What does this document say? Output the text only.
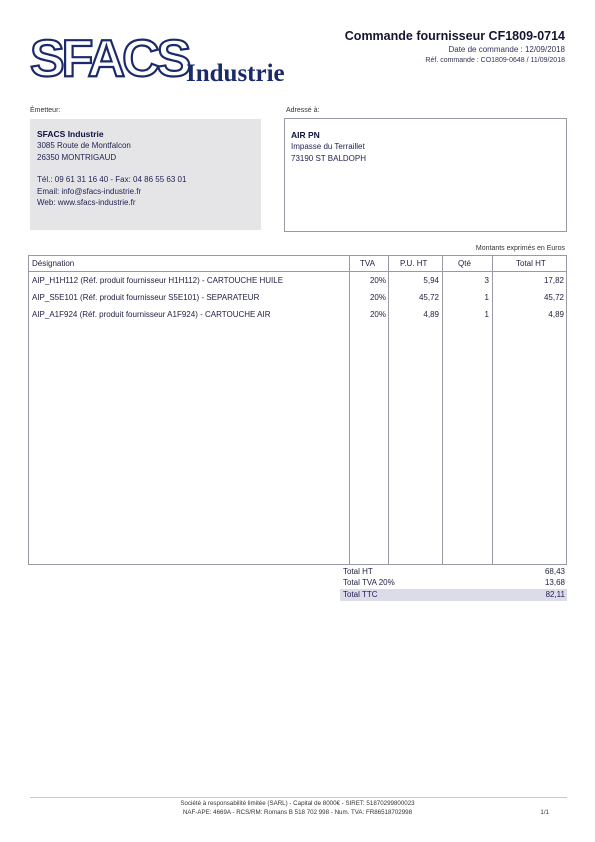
SFACS
Industrie
Commande fournisseur CF1809-0714
Date de commande : 12/09/2018
Réf. commande : CO1809-0648 / 11/09/2018
Émetteur:
SFACS Industrie
3085 Route de Montfalcon
26350 MONTRIGAUD
Tél.: 09 61 31 16 40 - Fax: 04 86 55 63 01
Email: info@sfacs-industrie.fr
Web: www.sfacs-industrie.fr
Adressé à:
AIR PN
Impasse du Terraillet
73190 ST BALDOPH
Montants exprimés en Euros
Désignation	TVA	P.U. HT	Qté	Total HT
AIP_H1H112 (Réf. produit fournisseur H1H112) - CARTOUCHE HUILE	20%	5,94	3	17,82
AIP_S5E101 (Réf. produit fournisseur S5E101) - SEPARATEUR	20%	45,72	1	45,72
AIP_A1F924 (Réf. produit fournisseur A1F924) - CARTOUCHE AIR	20%	4,89	1	4,89
Total HT	68,43
Total TVA 20%	13,68
Total TTC	82,11
Société à responsabilité limitée (SARL) - Capital de 8000€ - SIRET: 51870299800023
NAF-APE: 4669A - RCS/RM: Romans B 518 702 998 - Num. TVA: FR86518702998	1/1
